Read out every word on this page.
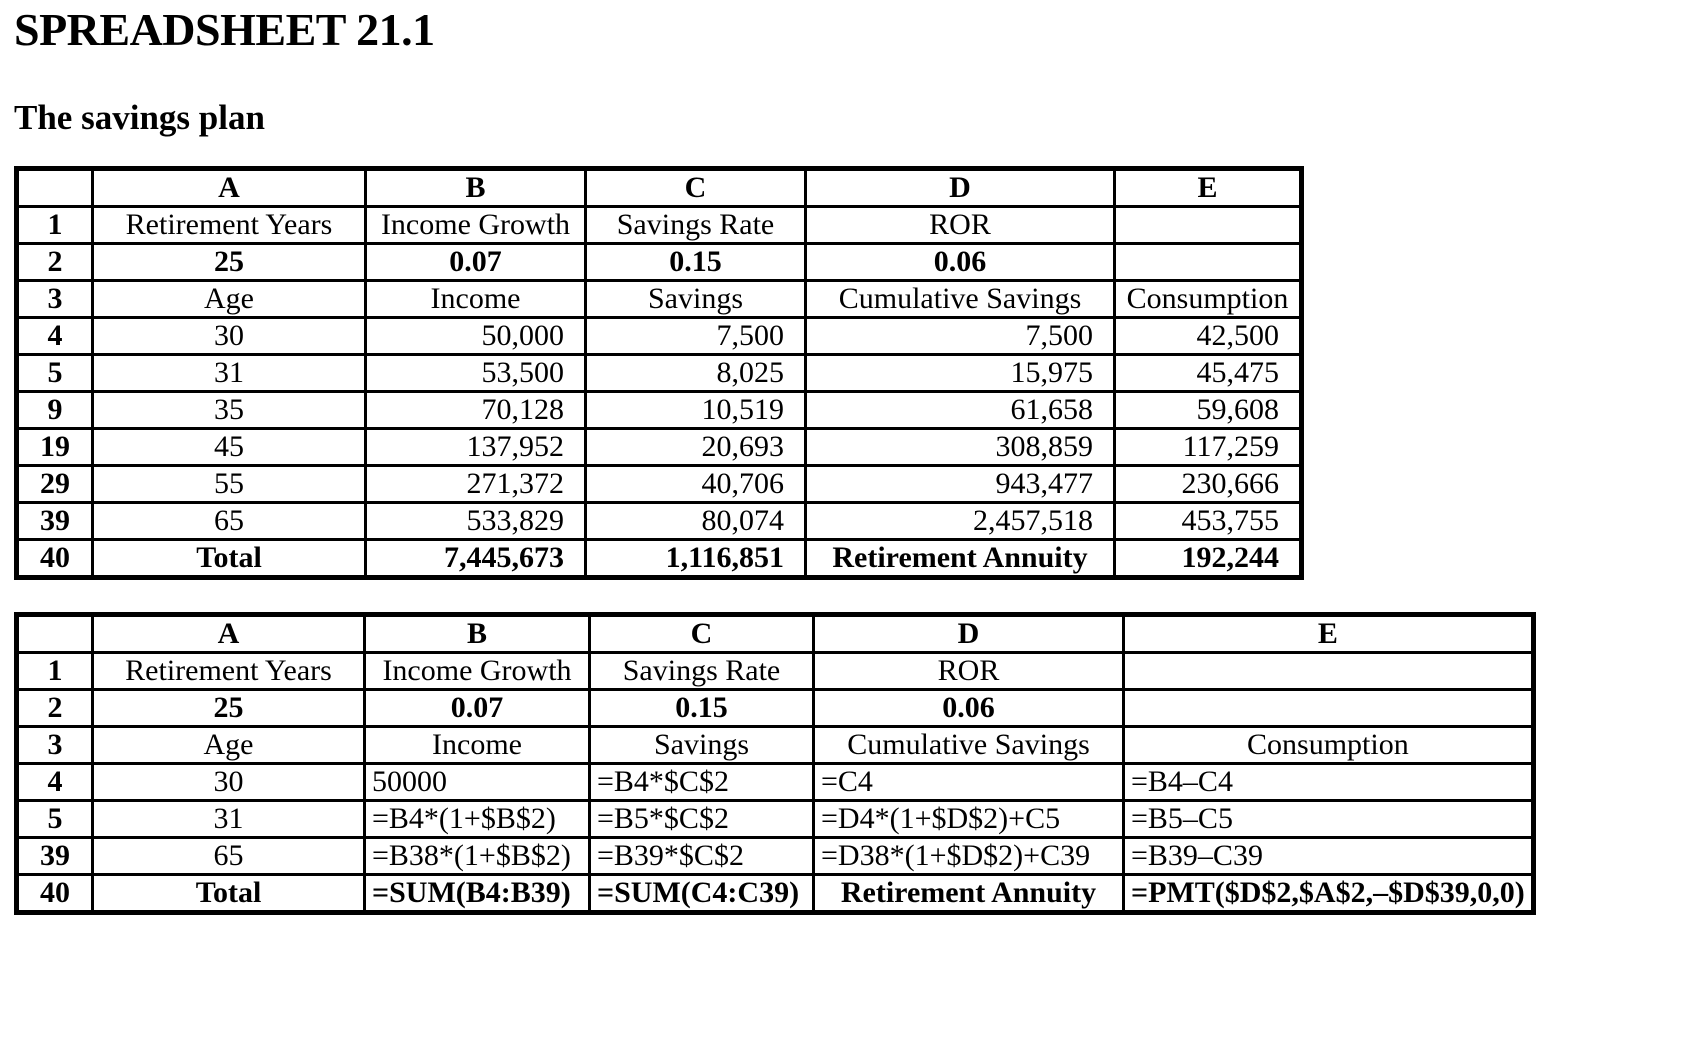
SPREADSHEET 21.1
The savings plan
	A	B	C	D	E
1	Retirement Years	Income Growth	Savings Rate	ROR	
2	25	0.07	0.15	0.06	
3	Age	Income	Savings	Cumulative Savings	Consumption
4	30	50,000	7,500	7,500	42,500
5	31	53,500	8,025	15,975	45,475
9	35	70,128	10,519	61,658	59,608
19	45	137,952	20,693	308,859	117,259
29	55	271,372	40,706	943,477	230,666
39	65	533,829	80,074	2,457,518	453,755
40	Total	7,445,673	1,116,851	Retirement Annuity	192,244
	A	B	C	D	E
1	Retirement Years	Income Growth	Savings Rate	ROR	
2	25	0.07	0.15	0.06	
3	Age	Income	Savings	Cumulative Savings	Consumption
4	30	50000	=B4*$C$2	=C4	=B4–C4
5	31	=B4*(1+$B$2)	=B5*$C$2	=D4*(1+$D$2)+C5	=B5–C5
39	65	=B38*(1+$B$2)	=B39*$C$2	=D38*(1+$D$2)+C39	=B39–C39
40	Total	=SUM(B4:B39)	=SUM(C4:C39)	Retirement Annuity	=PMT($D$2,$A$2,–$D$39,0,0)
